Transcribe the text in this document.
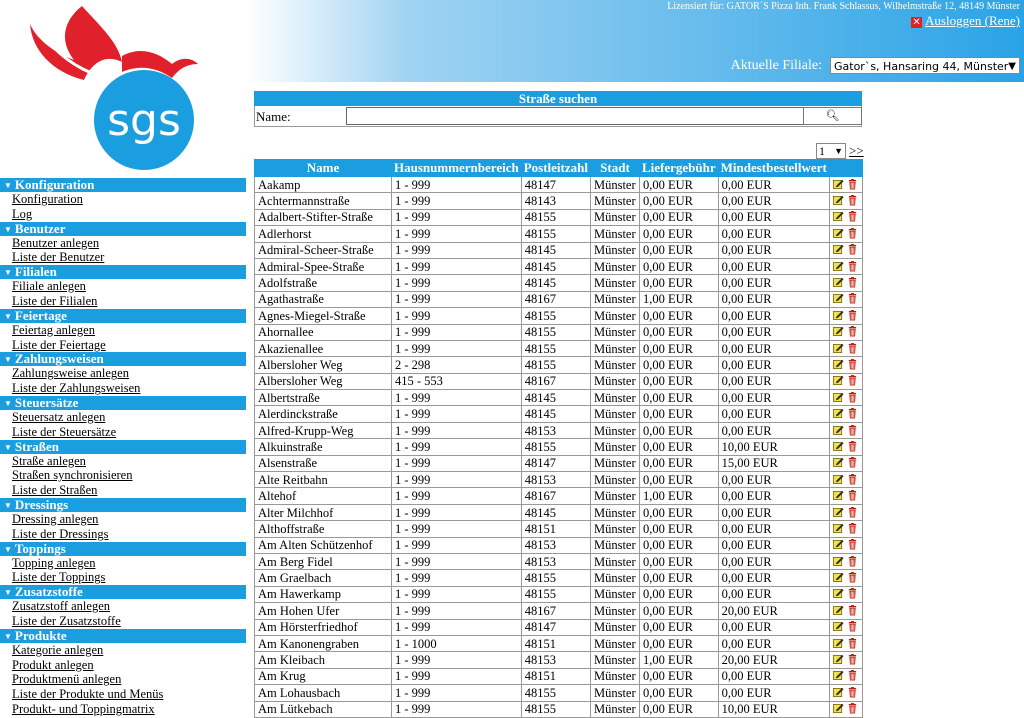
Lizensiert für: GATOR´S Pizza Inh. Frank Schlassus, Wilhelmstraße 12, 48149 Münster
✕ Ausloggen (Rene)
Aktuelle Filiale:	Gator`s, Hansaring 44, Münster ▼
sgs
▼ Konfiguration
Konfiguration
Log
▼ Benutzer
Benutzer anlegen
Liste der Benutzer
▼ Filialen
Filiale anlegen
Liste der Filialen
▼ Feiertage
Feiertag anlegen
Liste der Feiertage
▼ Zahlungsweisen
Zahlungsweise anlegen
Liste der Zahlungsweisen
▼ Steuersätze
Steuersatz anlegen
Liste der Steuersätze
▼ Straßen
Straße anlegen
Straßen synchronisieren
Liste der Straßen
▼ Dressings
Dressing anlegen
Liste der Dressings
▼ Toppings
Topping anlegen
Liste der Toppings
▼ Zusatzstoffe
Zusatzstoff anlegen
Liste der Zusatzstoffe
▼ Produkte
Kategorie anlegen
Produkt anlegen
Produktmenü anlegen
Liste der Produkte und Menüs
Produkt- und Toppingmatrix
Straße suchen
Name:	🔍︎
1 ▼ >>
Name	Hausnummernbereich	Postleitzahl	Stadt	Liefergebühr	Mindestbestellwert	
Aakamp	1 - 999	48147	Münster	0,00 EUR	0,00 EUR	
Achtermannstraße	1 - 999	48143	Münster	0,00 EUR	0,00 EUR	
Adalbert-Stifter-Straße	1 - 999	48155	Münster	0,00 EUR	0,00 EUR	
Adlerhorst	1 - 999	48155	Münster	0,00 EUR	0,00 EUR	
Admiral-Scheer-Straße	1 - 999	48145	Münster	0,00 EUR	0,00 EUR	
Admiral-Spee-Straße	1 - 999	48145	Münster	0,00 EUR	0,00 EUR	
Adolfstraße	1 - 999	48145	Münster	0,00 EUR	0,00 EUR	
Agathastraße	1 - 999	48167	Münster	1,00 EUR	0,00 EUR	
Agnes-Miegel-Straße	1 - 999	48155	Münster	0,00 EUR	0,00 EUR	
Ahornallee	1 - 999	48155	Münster	0,00 EUR	0,00 EUR	
Akazienallee	1 - 999	48155	Münster	0,00 EUR	0,00 EUR	
Albersloher Weg	2 - 298	48155	Münster	0,00 EUR	0,00 EUR	
Albersloher Weg	415 - 553	48167	Münster	0,00 EUR	0,00 EUR	
Albertstraße	1 - 999	48145	Münster	0,00 EUR	0,00 EUR	
Alerdinckstraße	1 - 999	48145	Münster	0,00 EUR	0,00 EUR	
Alfred-Krupp-Weg	1 - 999	48153	Münster	0,00 EUR	0,00 EUR	
Alkuinstraße	1 - 999	48155	Münster	0,00 EUR	10,00 EUR	
Alsenstraße	1 - 999	48147	Münster	0,00 EUR	15,00 EUR	
Alte Reitbahn	1 - 999	48153	Münster	0,00 EUR	0,00 EUR	
Altehof	1 - 999	48167	Münster	1,00 EUR	0,00 EUR	
Alter Milchhof	1 - 999	48145	Münster	0,00 EUR	0,00 EUR	
Althoffstraße	1 - 999	48151	Münster	0,00 EUR	0,00 EUR	
Am Alten Schützenhof	1 - 999	48153	Münster	0,00 EUR	0,00 EUR	
Am Berg Fidel	1 - 999	48153	Münster	0,00 EUR	0,00 EUR	
Am Graelbach	1 - 999	48155	Münster	0,00 EUR	0,00 EUR	
Am Hawerkamp	1 - 999	48155	Münster	0,00 EUR	0,00 EUR	
Am Hohen Ufer	1 - 999	48167	Münster	0,00 EUR	20,00 EUR	
Am Hörsterfriedhof	1 - 999	48147	Münster	0,00 EUR	0,00 EUR	
Am Kanonengraben	1 - 1000	48151	Münster	0,00 EUR	0,00 EUR	
Am Kleibach	1 - 999	48153	Münster	1,00 EUR	20,00 EUR	
Am Krug	1 - 999	48151	Münster	0,00 EUR	0,00 EUR	
Am Lohausbach	1 - 999	48155	Münster	0,00 EUR	0,00 EUR	
Am Lütkebach	1 - 999	48155	Münster	0,00 EUR	10,00 EUR	
